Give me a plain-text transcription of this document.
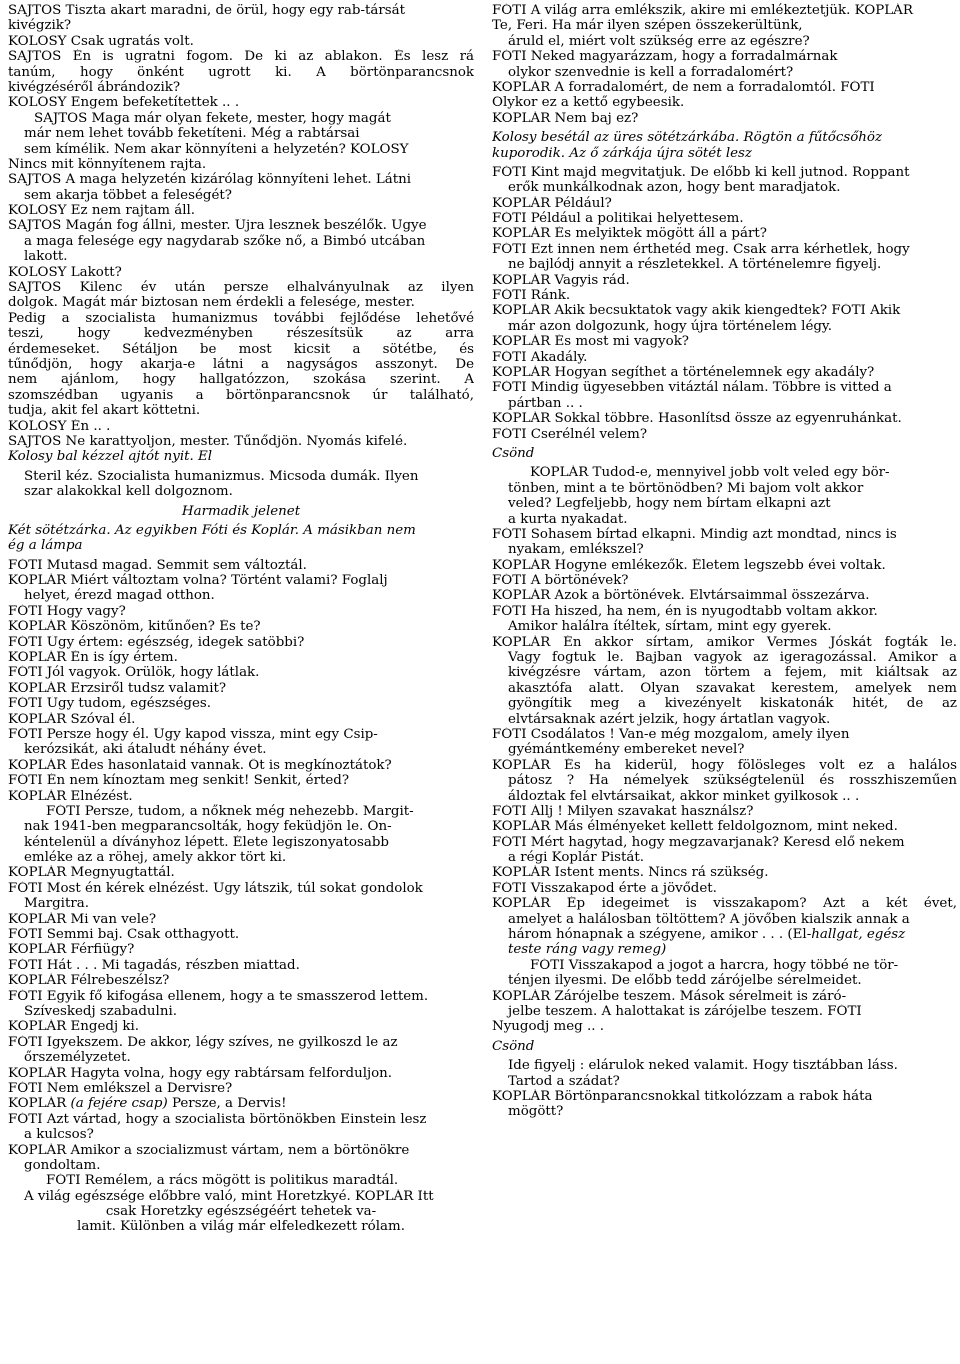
SAJTOS Tiszta akart maradni, de örül, hogy egy rab-társát
kivégzik?
KOLOSY Csak ugratás volt.
SAJTOS Én is ugratni fogom. De ki az ablakon. És lesz rá
tanúm, hogy önként ugrott ki. A börtönparancsnok
kivégzéséről ábrándozik?
KOLOSY Engem befeketítettek .. .
SAJTOS Maga már olyan fekete, mester, hogy magát
már nem lehet tovább feketíteni. Még a rabtársai
sem kímélik. Nem akar könnyíteni a helyzetén? KOLOSY
Nincs mit könnyítenem rajta.
SAJTOS A maga helyzetén kizárólag könnyíteni lehet. Látni
sem akarja többet a feleségét?
KOLOSY Ez nem rajtam áll.
SAJTOS Magán fog állni, mester. Újra lesznek beszélők. Ugye
a maga felesége egy nagydarab szőke nő, a Bimbó utcában
lakott.
KOLOSY Lakott?
SAJTOS Kilenc év után persze elhalványulnak az ilyen
dolgok. Magát már biztosan nem érdekli a felesége, mester.
Pedig a szocialista humanizmus további fejlődése lehetővé
teszi, hogy kedvezményben részesítsük az arra
érdemeseket. Sétáljon be most kicsit a sötétbe, és
tűnődjön, hogy akarja-e látni a nagyságos asszonyt. De
nem ajánlom, hogy hallgatózzon, szokása szerint. A
szomszédban ugyanis a börtönparancsnok úr található,
tudja, akit fel akart köttetni.
KOLOSY Én .. .
SAJTOS Ne karattyoljon, mester. Tűnődjön. Nyomás kifelé.
Kolosy bal kézzel ajtót nyit. El
Steril kéz. Szocialista humanizmus. Micsoda dumák. Ilyen
szar alakokkal kell dolgoznom.
Harmadik jelenet
Két sötétzárka. Az egyikben Fóti és Koplár. A másikban nem
ég a lámpa
FÓTI Mutasd magad. Semmit sem változtál.
KOPLÁR Miért változtam volna? Történt valami? Foglalj
helyet, érezd magad otthon.
FÓTI Hogy vagy?
KOPLÁR Köszönöm, kitűnően? És te?
FÓTI Úgy értem: egészség, idegek satöbbi?
KOPLÁR Én is így értem.
FÓTI Jól vagyok. Örülök, hogy látlak.
KOPLÁR Erzsiről tudsz valamit?
FÓTI Úgy tudom, egészséges.
KOPLÁR Szóval él.
FÓTI Persze hogy él. Úgy kapod vissza, mint egy Csip-
kerózsikát, aki átaludt néhány évet.
KOPLÁR Édes hasonlataid vannak. Őt is megkínoztátok?
FÓTI Én nem kínoztam meg senkit! Senkit, érted?
KOPLÁR Elnézést.
FÓTI Persze, tudom, a nőknek még nehezebb. Margit-
nak 1941-ben megparancsolták, hogy feküdjön le. Ön-
kéntelenül a díványhoz lépett. Élete legiszonyatosabb
emléke az a röhej, amely akkor tört ki.
KOPLÁR Megnyugtattál.
FÓTI Most én kérek elnézést. Úgy látszik, túl sokat gondolok
Margitra.
KOPLÁR Mi van vele?
FÓTI Semmi baj. Csak otthagyott.
KOPLÁR Férfiügy?
FÓTI Hát . . . Mi tagadás, részben miattad.
KOPLÁR Félrebeszélsz?
FÓTI Egyik fő kifogása ellenem, hogy a te smasszerod lettem.
Szíveskedj szabadulni.
KOPLÁR Engedj ki.
FÓTI Igyekszem. De akkor, légy szíves, ne gyilkoszd le az
őrszemélyzetet.
KOPLÁR Hagyta volna, hogy egy rabtársam felforduljon.
FÓTI Nem emlékszel a Dervisre?
KOPLÁR (a fejére csap) Persze, a Dervis!
FÓTI Azt vártad, hogy a szocialista börtönökben Einstein lesz
a kulcsos?
KOPLÁR Amikor a szocializmust vártam, nem a börtönökre
gondoltam.
FÓTI Remélem, a rács mögött is politikus maradtál.
A világ egészsége előbbre való, mint Horetzkyé. KOPLÁR Itt
csak Horetzky egészségéért tehetek va-
lamit. Különben a világ már elfeledkezett rólam.
FÓTI A világ arra emlékszik, akire mi emlékeztetjük. KOPLÁR
Te, Feri. Ha már ilyen szépen összekerültünk,
áruld el, miért volt szükség erre az egészre?
FÓTI Neked magyarázzam, hogy a forradalmárnak
olykor szenvednie is kell a forradalomért?
KOPLÁR A forradalomért, de nem a forradalomtól. FÓTI
Olykor ez a kettő egybeesik.
KOPLÁR Nem baj ez?
Kolosy besétál az üres sötétzárkába. Rögtön a fűtőcsőhöz
kuporodik. Az ő zárkája újra sötét lesz
FÓTI Kint majd megvitatjuk. De előbb ki kell jutnod. Roppant
erők munkálkodnak azon, hogy bent maradjatok.
KOPLÁR Például?
FÓTI Például a politikai helyettesem.
KOPLÁR És melyiktek mögött áll a párt?
FÓTI Ezt innen nem érthetéd meg. Csak arra kérhetlek, hogy
ne bajlódj annyit a részletekkel. A történelemre figyelj.
KOPLÁR Vagyis rád.
FÓTI Ránk.
KOPLÁR Akik becsuktatok vagy akik kiengedtek? FÓTI Akik
már azon dolgozunk, hogy újra történelem légy.
KOPLÁR És most mi vagyok?
FÓTI Akadály.
KOPLÁR Hogyan segíthet a történelemnek egy akadály?
FÓTI Mindig ügyesebben vitáztál nálam. Többre is vitted a
pártban .. .
KOPLÁR Sokkal többre. Hasonlítsd össze az egyenruhánkat.
FÓTI Cserélnél velem?
Csönd
KOPLÁR Tudod-e, mennyivel jobb volt veled egy bör-
tönben, mint a te börtönödben? Mi bajom volt akkor
veled? Legfeljebb, hogy nem bírtam elkapni azt
a kurta nyakadat.
FÓTI Sohasem bírtad elkapni. Mindig azt mondtad, nincs is
nyakam, emlékszel?
KOPLÁR Hogyne emlékezők. Életem legszebb évei voltak.
FÓTI A börtönévek?
KOPLÁR Azok a börtönévek. Elvtársaimmal összezárva.
FÓTI Ha hiszed, ha nem, én is nyugodtabb voltam akkor.
Amikor halálra ítéltek, sírtam, mint egy gyerek.
KOPLÁR Én akkor sírtam, amikor Vermes Jóskát fogták le.
Vagy fogtuk le. Bajban vagyok az igeragozással. Amikor a
kivégzésre vártam, azon törtem a fejem, mit kiáltsak az
akasztófa alatt. Olyan szavakat kerestem, amelyek nem
gyöngítik meg a kivezényelt kiskatonák hitét, de az
elvtársaknak azért jelzik, hogy ártatlan vagyok.
FÓTI Csodálatos ! Van-e még mozgalom, amely ilyen
gyémántkemény embereket nevel?
KOPLÁR És ha kiderül, hogy fölösleges volt ez a halálos
pátosz ? Ha némelyek szükségtelenül és rosszhiszeműen
áldoztak fel elvtársaikat, akkor minket gyilkosok .. .
FÓTI Állj ! Milyen szavakat használsz?
KOPLÁR Más élményeket kellett feldolgoznom, mint neked.
FÓTI Mért hagytad, hogy megzavarjanak? Keresd elő nekem
a régi Koplár Pistát.
KOPLÁR Istent ments. Nincs rá szükség.
FÓTI Visszakapod érte a jövődet.
KOPLÁR Ép idegeimet is visszakapom? Azt a két évet,
amelyet a halálosban töltöttem? A jövőben kialszik annak a
három hónapnak a szégyene, amikor . . . (El-hallgat, egész
teste ráng vagy remeg)
FÓTI Visszakapod a jogot a harcra, hogy többé ne tör-
ténjen ilyesmi. De előbb tedd zárójelbe sérelmeidet.
KOPLÁR Zárójelbe teszem. Mások sérelmeit is záró-
jelbe teszem. A halottakat is zárójelbe teszem. FÓTI
Nyugodj meg .. .
Csönd
Ide figyelj : elárulok neked valamit. Hogy tisztábban láss.
Tartod a szádat?
KOPLÁR Börtönparancsnokkal titkolózzam a rabok háta
mögött?
